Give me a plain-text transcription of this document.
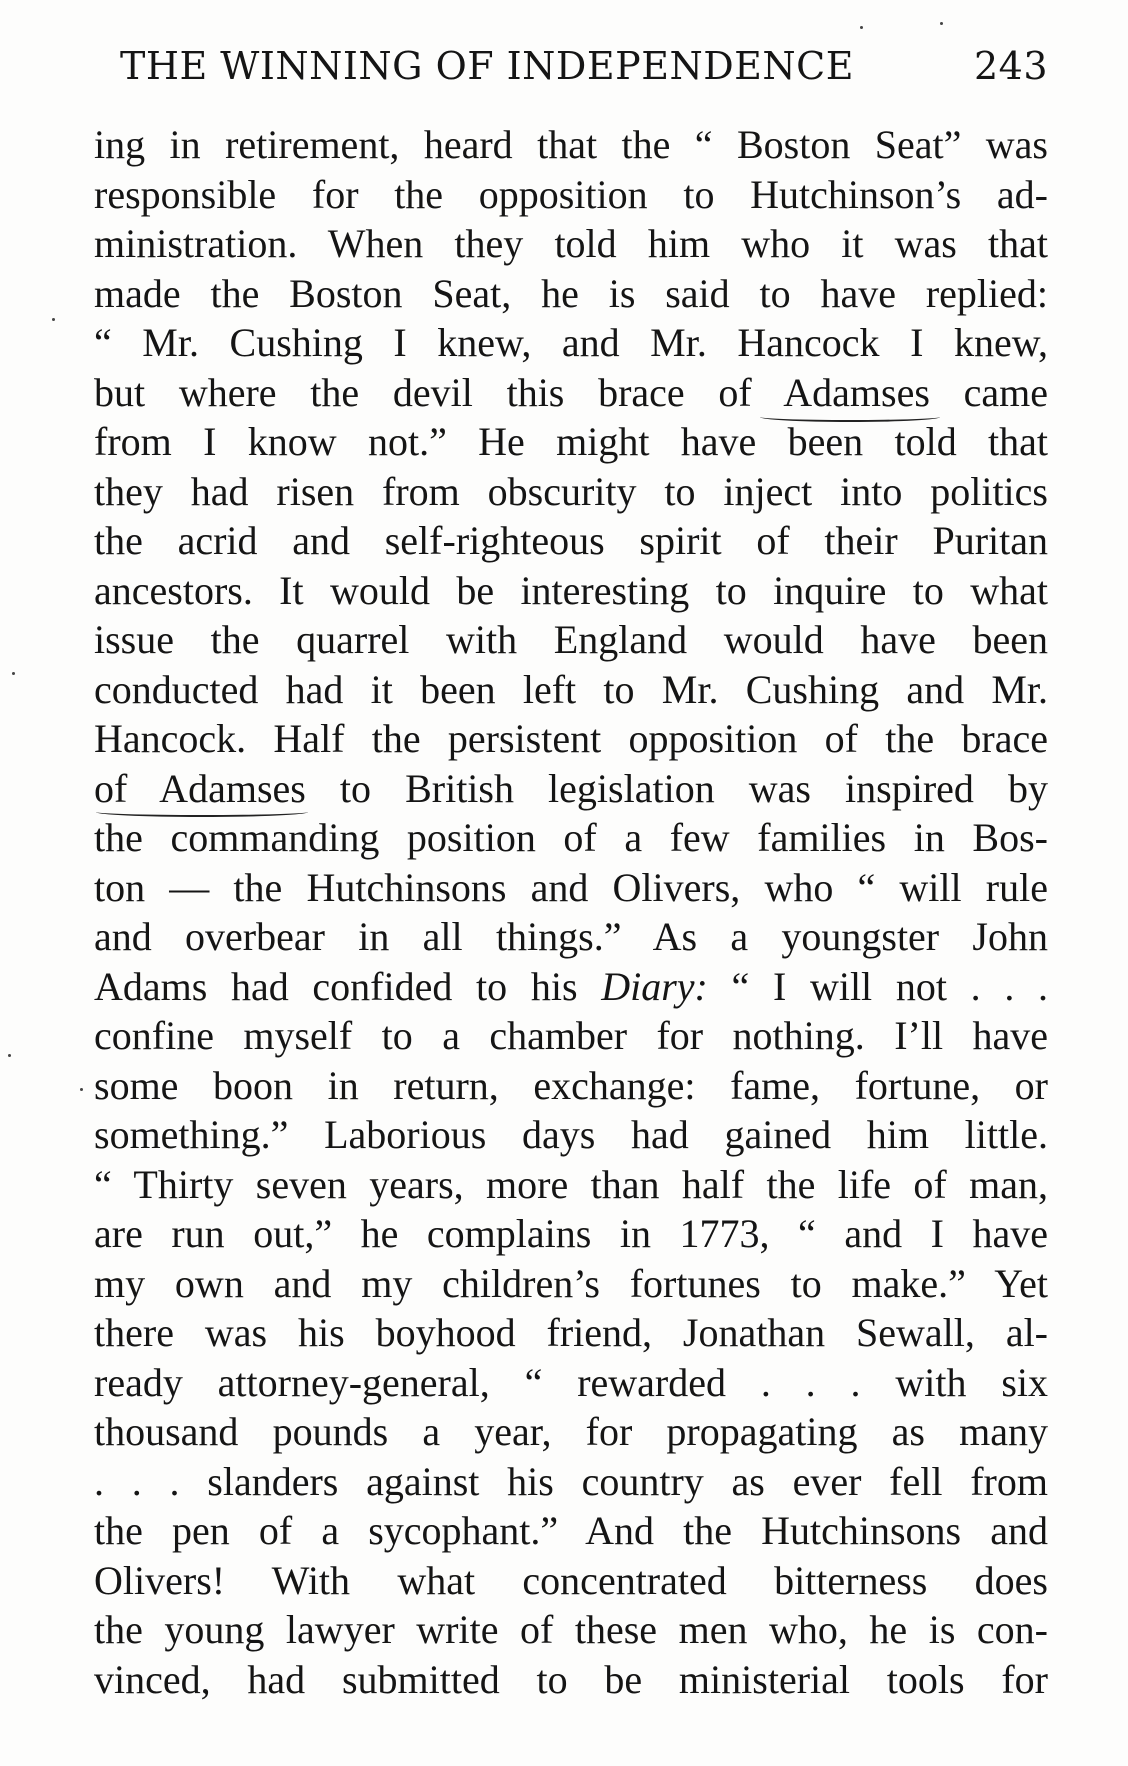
THE WINNING OF INDEPENDENCE	243
ing in retirement, heard that the “ Boston Seat” was
responsible for the opposition to Hutchinson’s ad-
ministration. When they told him who it was that
made the Boston Seat, he is said to have replied:
“ Mr. Cushing I knew, and Mr. Hancock I knew,
but where the devil this brace of Adamses came
from I know not.” He might have been told that
they had risen from obscurity to inject into politics
the acrid and self-righteous spirit of their Puritan
ancestors. It would be interesting to inquire to what
issue the quarrel with England would have been
conducted had it been left to Mr. Cushing and Mr.
Hancock. Half the persistent opposition of the brace
of Adamses to British legislation was inspired by
the commanding position of a few families in Bos-
ton — the Hutchinsons and Olivers, who “ will rule
and overbear in all things.” As a youngster John
Adams had confided to his Diary: “ I will not . . .
confine myself to a chamber for nothing. I’ll have
some boon in return, exchange: fame, fortune, or
something.” Laborious days had gained him little.
“ Thirty seven years, more than half the life of man,
are run out,” he complains in 1773, “ and I have
my own and my children’s fortunes to make.” Yet
there was his boyhood friend, Jonathan Sewall, al-
ready attorney-general, “ rewarded . . . with six
thousand pounds a year, for propagating as many
. . . slanders against his country as ever fell from
the pen of a sycophant.” And the Hutchinsons and
Olivers! With what concentrated bitterness does
the young lawyer write of these men who, he is con-
vinced, had submitted to be ministerial tools for
